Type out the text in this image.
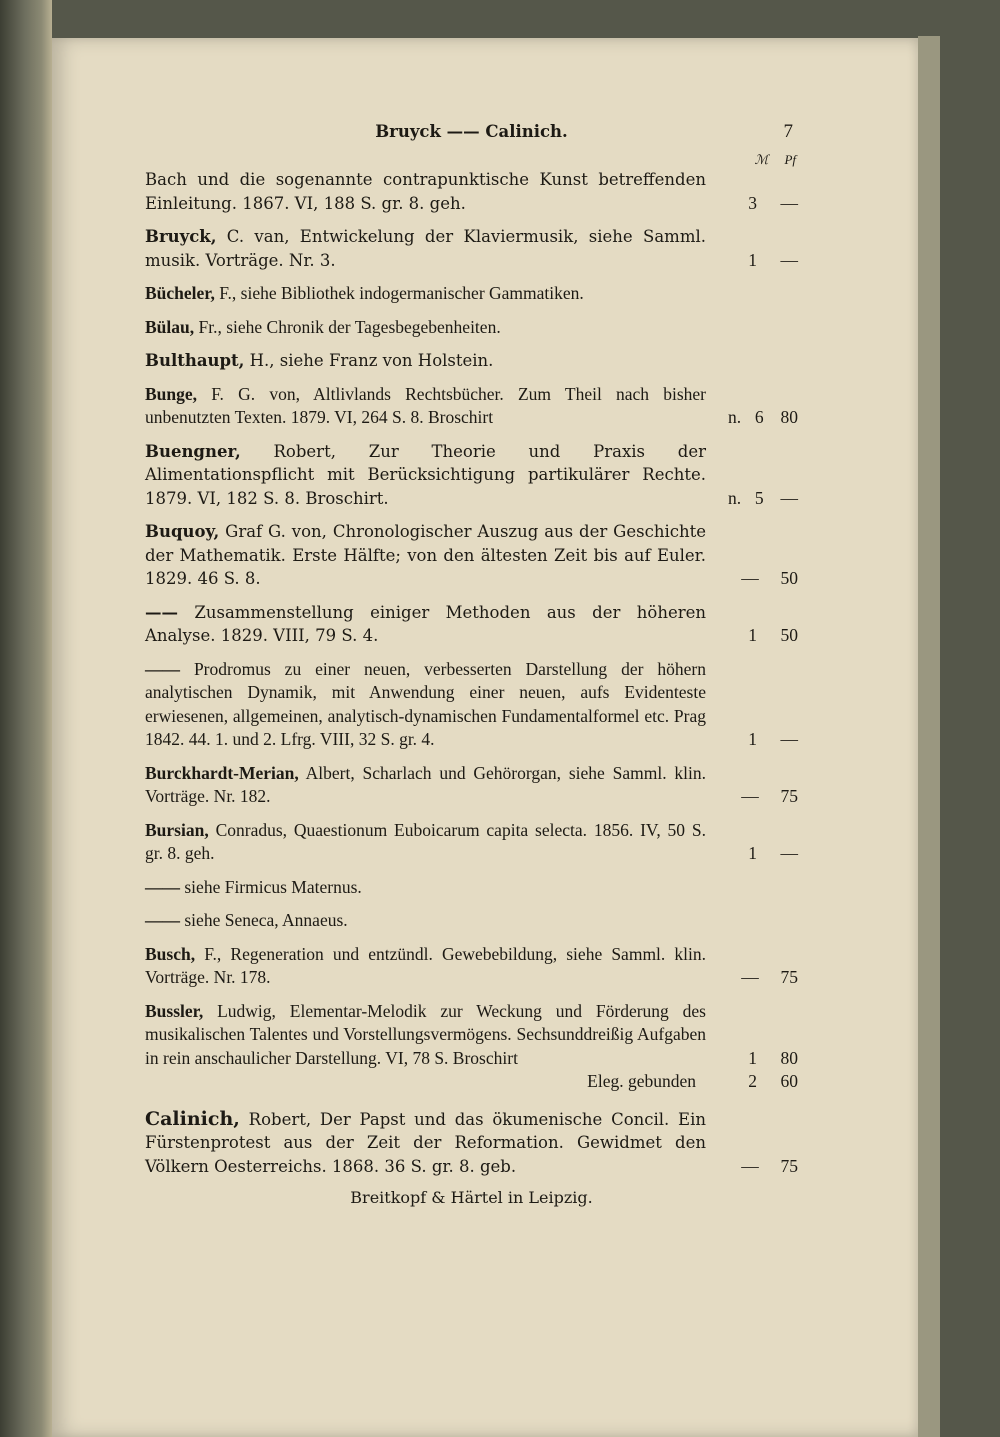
Bruyck —— Calinich.	7
ℳ Pf
Bach und die sogenannte contrapunktische Kunst betreffenden Einleitung. 1867. VI, 188 S. gr. 8. geh.	3	—
Bruyck, C. van, Entwickelung der Klaviermusik, siehe Samml. musik. Vorträge. Nr. 3.	1	—
Bücheler, F., siehe Bibliothek indogermanischer Gammatiken.
Bülau, Fr., siehe Chronik der Tagesbegebenheiten.
Bulthaupt, H., siehe Franz von Holstein.
Bunge, F. G. von, Altlivlands Rechtsbücher. Zum Theil nach bisher unbenutzten Texten. 1879. VI, 264 S. 8. Broschirt	n. 6 80
Buengner, Robert, Zur Theorie und Praxis der Alimentationspflicht mit Berücksichtigung partikulärer Rechte. 1879. VI, 182 S. 8. Broschirt.	n. 5 —
Buquoy, Graf G. von, Chronologischer Auszug aus der Geschichte der Mathematik. Erste Hälfte; von den ältesten Zeit bis auf Euler. 1829. 46 S. 8.	—	50
—— Zusammenstellung einiger Methoden aus der höheren Analyse. 1829. VIII, 79 S. 4.	1	50
—— Prodromus zu einer neuen, verbesserten Darstellung der höhern analytischen Dynamik, mit Anwendung einer neuen, aufs Evidenteste erwiesenen, allgemeinen, analytisch-dynamischen Fundamentalformel etc. Prag 1842. 44. 1. und 2. Lfrg. VIII, 32 S. gr. 4.	1	—
Burckhardt-Merian, Albert, Scharlach und Gehörorgan, siehe Samml. klin. Vorträge. Nr. 182.	—	75
Bursian, Conradus, Quaestionum Euboicarum capita selecta. 1856. IV, 50 S. gr. 8. geh.	1	—
—— siehe Firmicus Maternus.
—— siehe Seneca, Annaeus.
Busch, F., Regeneration und entzündl. Gewebebildung, siehe Samml. klin. Vorträge. Nr. 178.	—	75
Bussler, Ludwig, Elementar-Melodik zur Weckung und Förderung des musikalischen Talentes und Vorstellungsvermögens. Sechsunddreißig Aufgaben in rein anschaulicher Darstellung. VI, 78 S. Broschirt	1	80
Eleg. gebunden	2	60
Calinich, Robert, Der Papst und das ökumenische Concil. Ein Fürstenprotest aus der Zeit der Reformation. Gewidmet den Völkern Oesterreichs. 1868. 36 S. gr. 8. geb.	—	75
Breitkopf & Härtel in Leipzig.
